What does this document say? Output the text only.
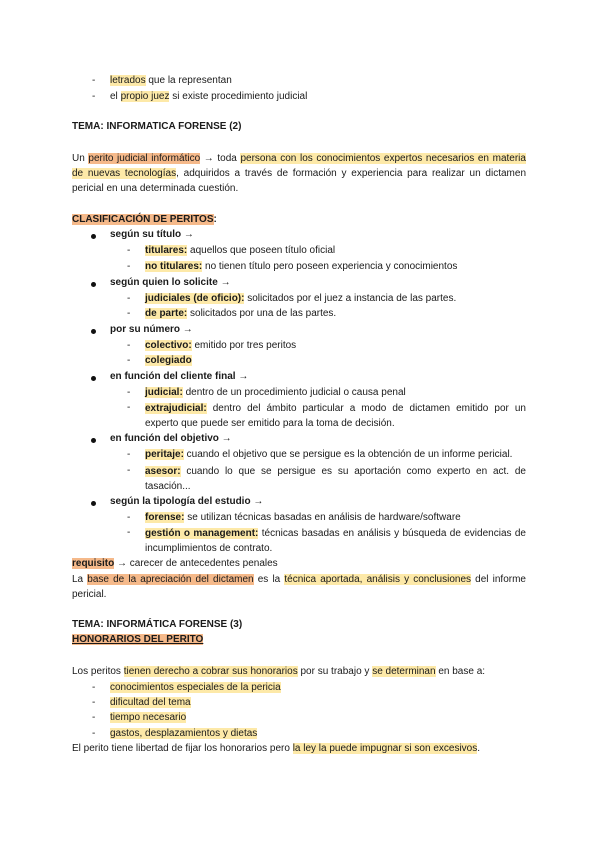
- letrados que la representan
- el propio juez si existe procedimiento judicial
TEMA: INFORMATICA FORENSE (2)
Un perito judicial informático → toda persona con los conocimientos expertos necesarios en materia
de nuevas tecnologías, adquiridos a través de formación y experiencia para realizar un dictamen
pericial en una determinada cuestión.
CLASIFICACIÓN DE PERITOS:
según su título →
- titulares: aquellos que poseen título oficial
- no titulares: no tienen título pero poseen experiencia y conocimientos
según quien lo solicite →
- judiciales (de oficio): solicitados por el juez a instancia de las partes.
- de parte: solicitados por una de las partes.
por su número →
- colectivo: emitido por tres peritos
- colegiado
en función del cliente final →
- judicial: dentro de un procedimiento judicial o causa penal
- extrajudicial: dentro del ámbito particular a modo de dictamen emitido por un
experto que puede ser emitido para la toma de decisión.
en función del objetivo →
- peritaje: cuando el objetivo que se persigue es la obtención de un informe pericial.
- asesor: cuando lo que se persigue es su aportación como experto en act. de
tasación...
según la tipología del estudio →
- forense: se utilizan técnicas basadas en análisis de hardware/software
- gestión o management: técnicas basadas en análisis y búsqueda de evidencias de
incumplimientos de contrato.
requisito → carecer de antecedentes penales
La base de la apreciación del dictamen es la técnica aportada, análisis y conclusiones del informe
pericial.
TEMA: INFORMÁTICA FORENSE (3)
HONORARIOS DEL PERITO
Los peritos tienen derecho a cobrar sus honorarios por su trabajo y se determinan en base a:
- conocimientos especiales de la pericia
- dificultad del tema
- tiempo necesario
- gastos, desplazamientos y dietas
El perito tiene libertad de fijar los honorarios pero la ley la puede impugnar si son excesivos.
